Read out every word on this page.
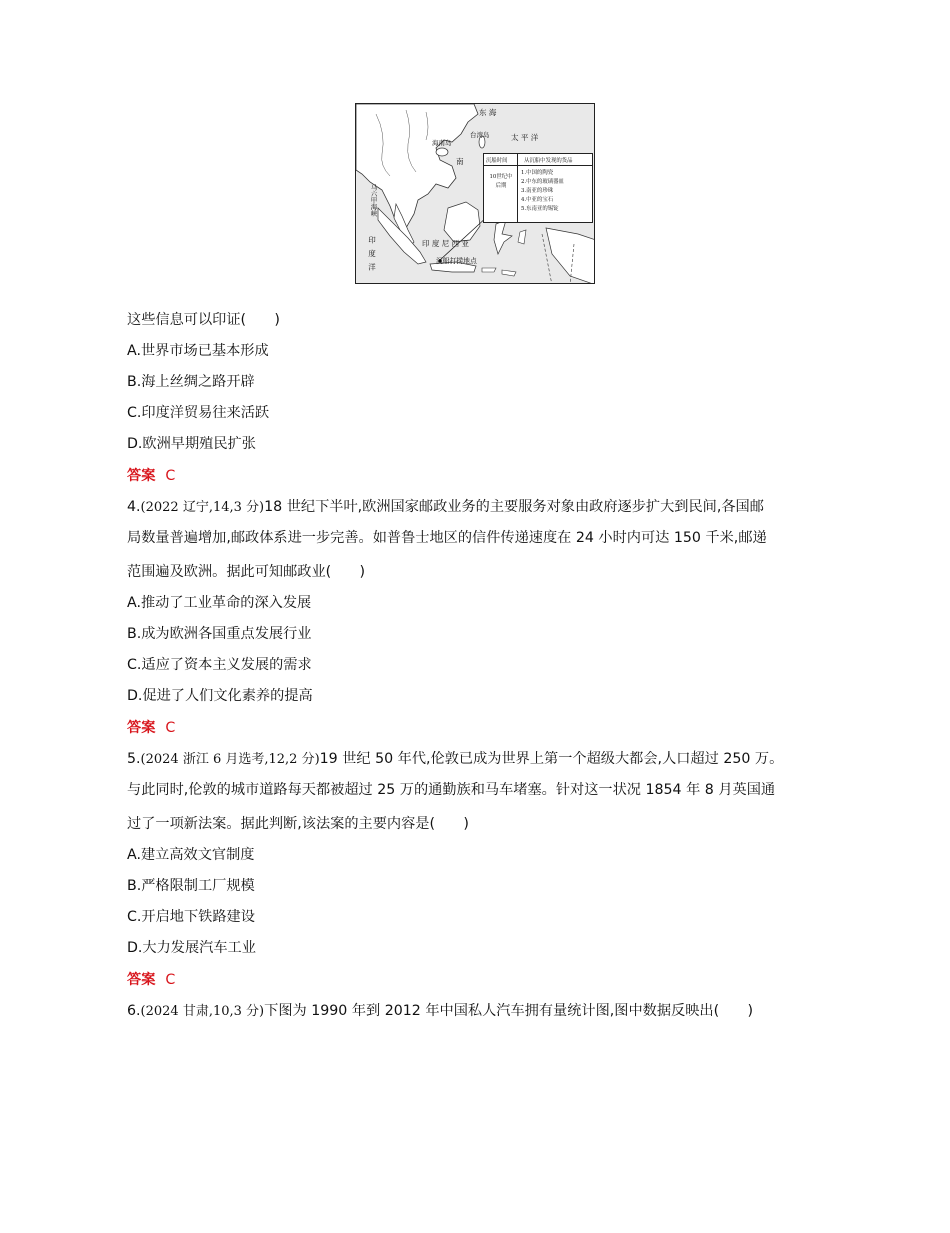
东 海
台湾岛	太 平 洋
海南岛
南
马六甲海峡
印 度 尼 西 亚
印度洋	沉船打捞地点
沉船时间	从沉船中发现的货品
10世纪中后期
1.中国的陶瓷
2.中东的玻璃器皿
3.南亚的珍珠
4.中亚的宝石
5.东南亚的锡锭
这些信息可以印证(　　)
A.世界市场已基本形成
B.海上丝绸之路开辟
C.印度洋贸易往来活跃
D.欧洲早期殖民扩张
答案 C
4.(2022 辽宁,14,3 分)18 世纪下半叶,欧洲国家邮政业务的主要服务对象由政府逐步扩大到民间,各国邮
局数量普遍增加,邮政体系进一步完善。如普鲁士地区的信件传递速度在 24 小时内可达 150 千米,邮递
范围遍及欧洲。据此可知邮政业(　　)
A.推动了工业革命的深入发展
B.成为欧洲各国重点发展行业
C.适应了资本主义发展的需求
D.促进了人们文化素养的提高
答案 C
5.(2024 浙江 6 月选考,12,2 分)19 世纪 50 年代,伦敦已成为世界上第一个超级大都会,人口超过 250 万。
与此同时,伦敦的城市道路每天都被超过 25 万的通勤族和马车堵塞。针对这一状况 1854 年 8 月英国通
过了一项新法案。据此判断,该法案的主要内容是(　　)
A.建立高效文官制度
B.严格限制工厂规模
C.开启地下铁路建设
D.大力发展汽车工业
答案 C
6.(2024 甘肃,10,3 分)下图为 1990 年到 2012 年中国私人汽车拥有量统计图,图中数据反映出(　　)
